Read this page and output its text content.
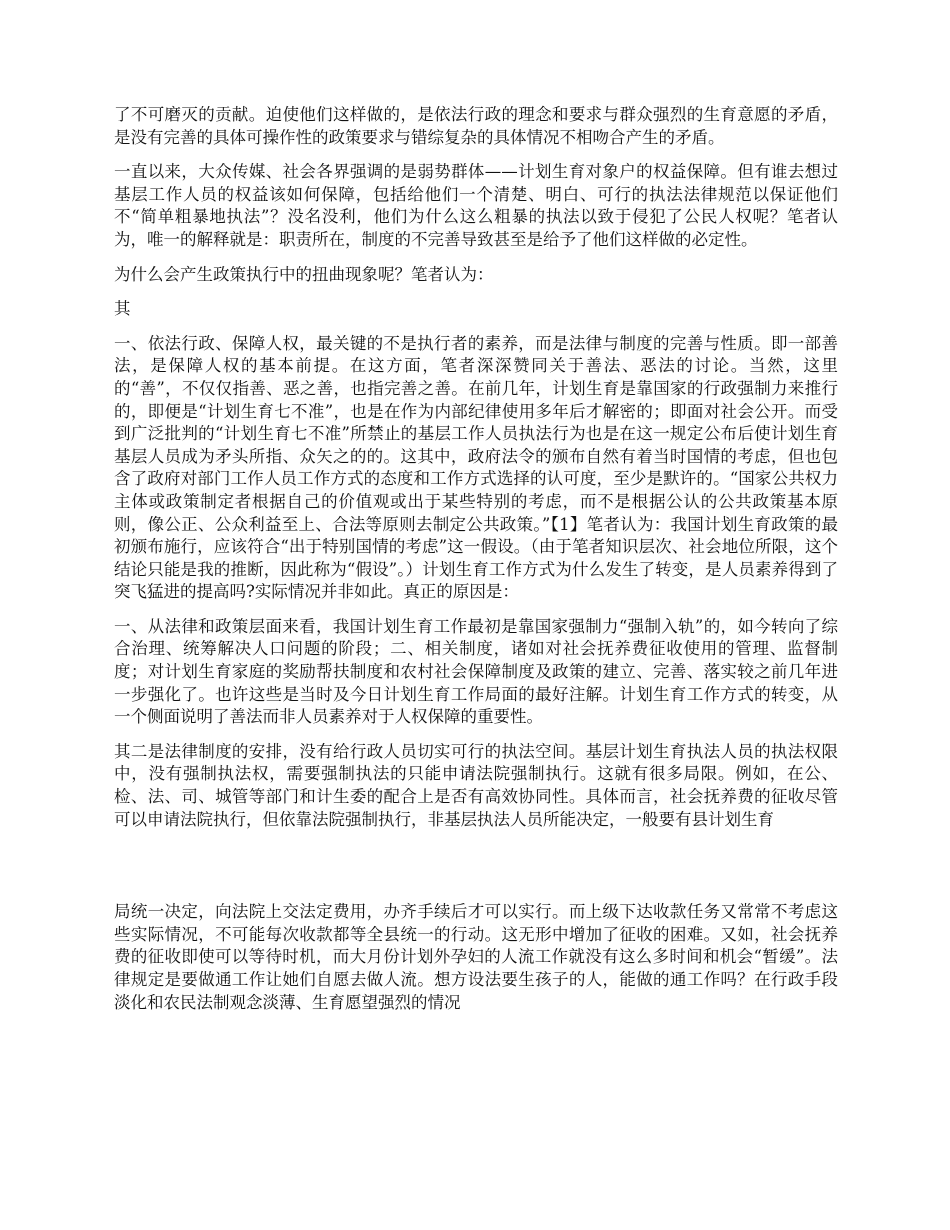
了不可磨灭的贡献。迫使他们这样做的，是依法行政的理念和要求与群众强烈的生育意愿的矛盾，是没有完善的具体可操作性的政策要求与错综复杂的具体情况不相吻合产生的矛盾。

一直以来，大众传媒、社会各界强调的是弱势群体——计划生育对象户的权益保障。但有谁去想过基层工作人员的权益该如何保障，包括给他们一个清楚、明白、可行的执法法律规范以保证他们不“简单粗暴地执法”？没名没利，他们为什么这么粗暴的执法以致于侵犯了公民人权呢？笔者认为，唯一的解释就是：职责所在，制度的不完善导致甚至是给予了他们这样做的必定性。

为什么会产生政策执行中的扭曲现象呢？笔者认为：

其

一、依法行政、保障人权，最关键的不是执行者的素养，而是法律与制度的完善与性质。即一部善法，是保障人权的基本前提。在这方面，笔者深深赞同关于善法、恶法的讨论。当然，这里的“善”，不仅仅指善、恶之善，也指完善之善。在前几年，计划生育是靠国家的行政强制力来推行的，即便是“计划生育七不准”，也是在作为内部纪律使用多年后才解密的；即面对社会公开。而受到广泛批判的“计划生育七不准”所禁止的基层工作人员执法行为也是在这一规定公布后使计划生育基层人员成为矛头所指、众矢之的的。这其中，政府法令的颁布自然有着当时国情的考虑，但也包含了政府对部门工作人员工作方式的态度和工作方式选择的认可度，至少是默许的。“国家公共权力主体或政策制定者根据自己的价值观或出于某些特别的考虑，而不是根据公认的公共政策基本原则，像公正、公众利益至上、合法等原则去制定公共政策。”【1】笔者认为：我国计划生育政策的最初颁布施行，应该符合“出于特别国情的考虑”这一假设。（由于笔者知识层次、社会地位所限，这个结论只能是我的推断，因此称为“假设”。）计划生育工作方式为什么发生了转变，是人员素养得到了突飞猛进的提高吗?实际情况并非如此。真正的原因是：

一、从法律和政策层面来看，我国计划生育工作最初是靠国家强制力“强制入轨”的，如今转向了综合治理、统筹解决人口问题的阶段；二、相关制度，诸如对社会抚养费征收使用的管理、监督制度；对计划生育家庭的奖励帮扶制度和农村社会保障制度及政策的建立、完善、落实较之前几年进一步强化了。也许这些是当时及今日计划生育工作局面的最好注解。计划生育工作方式的转变，从一个侧面说明了善法而非人员素养对于人权保障的重要性。

其二是法律制度的安排，没有给行政人员切实可行的执法空间。基层计划生育执法人员的执法权限中，没有强制执法权，需要强制执法的只能申请法院强制执行。这就有很多局限。例如，在公、检、法、司、城管等部门和计生委的配合上是否有高效协同性。具体而言，社会抚养费的征收尽管可以申请法院执行，但依靠法院强制执行，非基层执法人员所能决定，一般要有县计划生育

局统一决定，向法院上交法定费用，办齐手续后才可以实行。而上级下达收款任务又常常不考虑这些实际情况，不可能每次收款都等全县统一的行动。这无形中增加了征收的困难。又如，社会抚养费的征收即使可以等待时机，而大月份计划外孕妇的人流工作就没有这么多时间和机会“暂缓”。法律规定是要做通工作让她们自愿去做人流。想方设法要生孩子的人，能做的通工作吗？在行政手段淡化和农民法制观念淡薄、生育愿望强烈的情况
